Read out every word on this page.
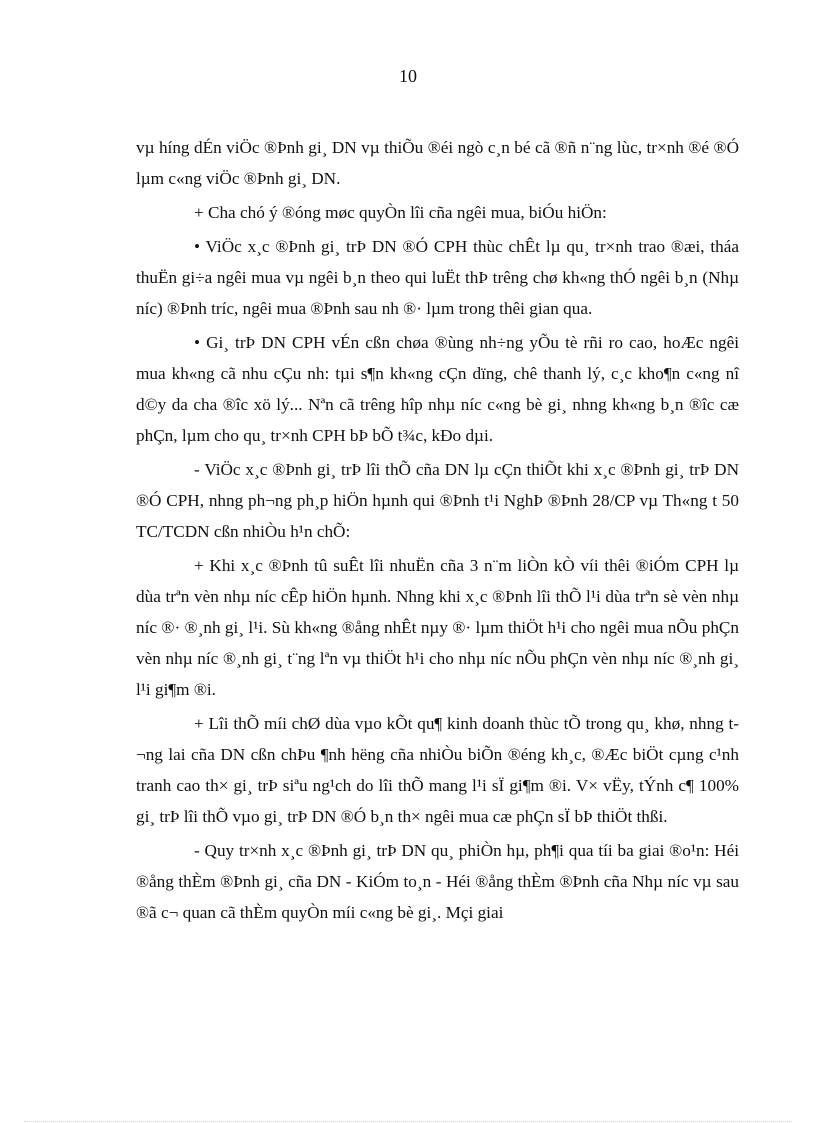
10

vµ híng dÉn viÖc ®Þnh gi¸ DN vµ thiÕu ®éi ngò c¸n bé cã ®ñ n¨ng lùc, tr×nh ®é ®Ó lµm c«ng viÖc ®Þnh gi¸ DN.

+ Cha chó ý ®óng møc quyÒn lîi cña ngêi mua, biÓu hiÖn:

• ViÖc x¸c ®Þnh gi¸ trÞ DN ®Ó CPH thùc chÊt lµ qu¸ tr×nh trao ®æi, tháa thuËn gi÷a ngêi mua vµ ngêi b¸n theo qui luËt thÞ trêng chø kh«ng thÓ ngêi b¸n (Nhµ níc) ®Þnh tríc, ngêi mua ®Þnh sau nh ®· lµm trong thêi gian qua.

• Gi¸ trÞ DN CPH vÉn cßn chøa ®ùng nh÷ng yÕu tè rñi ro cao, hoÆc ngêi mua kh«ng cã nhu cÇu nh: tµi s¶n kh«ng cÇn dïng, chê thanh lý, c¸c kho¶n c«ng nî d©y da cha ®îc xö lý... Nªn cã trêng hîp nhµ níc c«ng bè gi¸ nhng kh«ng b¸n ®îc cæ phÇn, lµm cho qu¸ tr×nh CPH bÞ bÕ t¾c, kÐo dµi.

- ViÖc x¸c ®Þnh gi¸ trÞ lîi thÕ cña DN lµ cÇn thiÕt khi x¸c ®Þnh gi¸ trÞ DN ®Ó CPH, nhng ph¬ng ph¸p hiÖn hµnh qui ®Þnh t¹i NghÞ ®Þnh 28/CP vµ Th«ng t 50 TC/TCDN cßn nhiÒu h¹n chÕ:

+ Khi x¸c ®Þnh tû suÊt lîi nhuËn cña 3 n¨m liÒn kÒ víi thêi ®iÓm CPH lµ dùa trªn vèn nhµ níc cÊp hiÖn hµnh. Nhng khi x¸c ®Þnh lîi thÕ l¹i dùa trªn sè vèn nhµ níc ®· ®¸nh gi¸ l¹i. Sù kh«ng ®ång nhÊt nµy ®· lµm thiÖt h¹i cho ngêi mua nÕu phÇn vèn nhµ níc ®¸nh gi¸ t¨ng lªn vµ thiÖt h¹i cho nhµ níc nÕu phÇn vèn nhµ níc ®¸nh gi¸ l¹i gi¶m ®i.

+ Lîi thÕ míi chØ dùa vµo kÕt qu¶ kinh doanh thùc tÕ trong qu¸ khø, nhng t¬ng lai cña DN cßn chÞu ¶nh hëng cña nhiÒu biÕn ®éng kh¸c, ®Æc biÖt cµng c¹nh tranh cao th× gi¸ trÞ siªu ng¹ch do lîi thÕ mang l¹i sÏ gi¶m ®i. V× vËy, tÝnh c¶ 100% gi¸ trÞ lîi thÕ vµo gi¸ trÞ DN ®Ó b¸n th× ngêi mua cæ phÇn sÏ bÞ thiÖt thßi.

- Quy tr×nh x¸c ®Þnh gi¸ trÞ DN qu¸ phiÒn hµ, ph¶i qua tíi ba giai ®o¹n: Héi ®ång thÈm ®Þnh gi¸ cña DN - KiÓm to¸n - Héi ®ång thÈm ®Þnh cña Nhµ níc vµ sau ®ã c¬ quan cã thÈm quyÒn míi c«ng bè gi¸. Mçi giai
